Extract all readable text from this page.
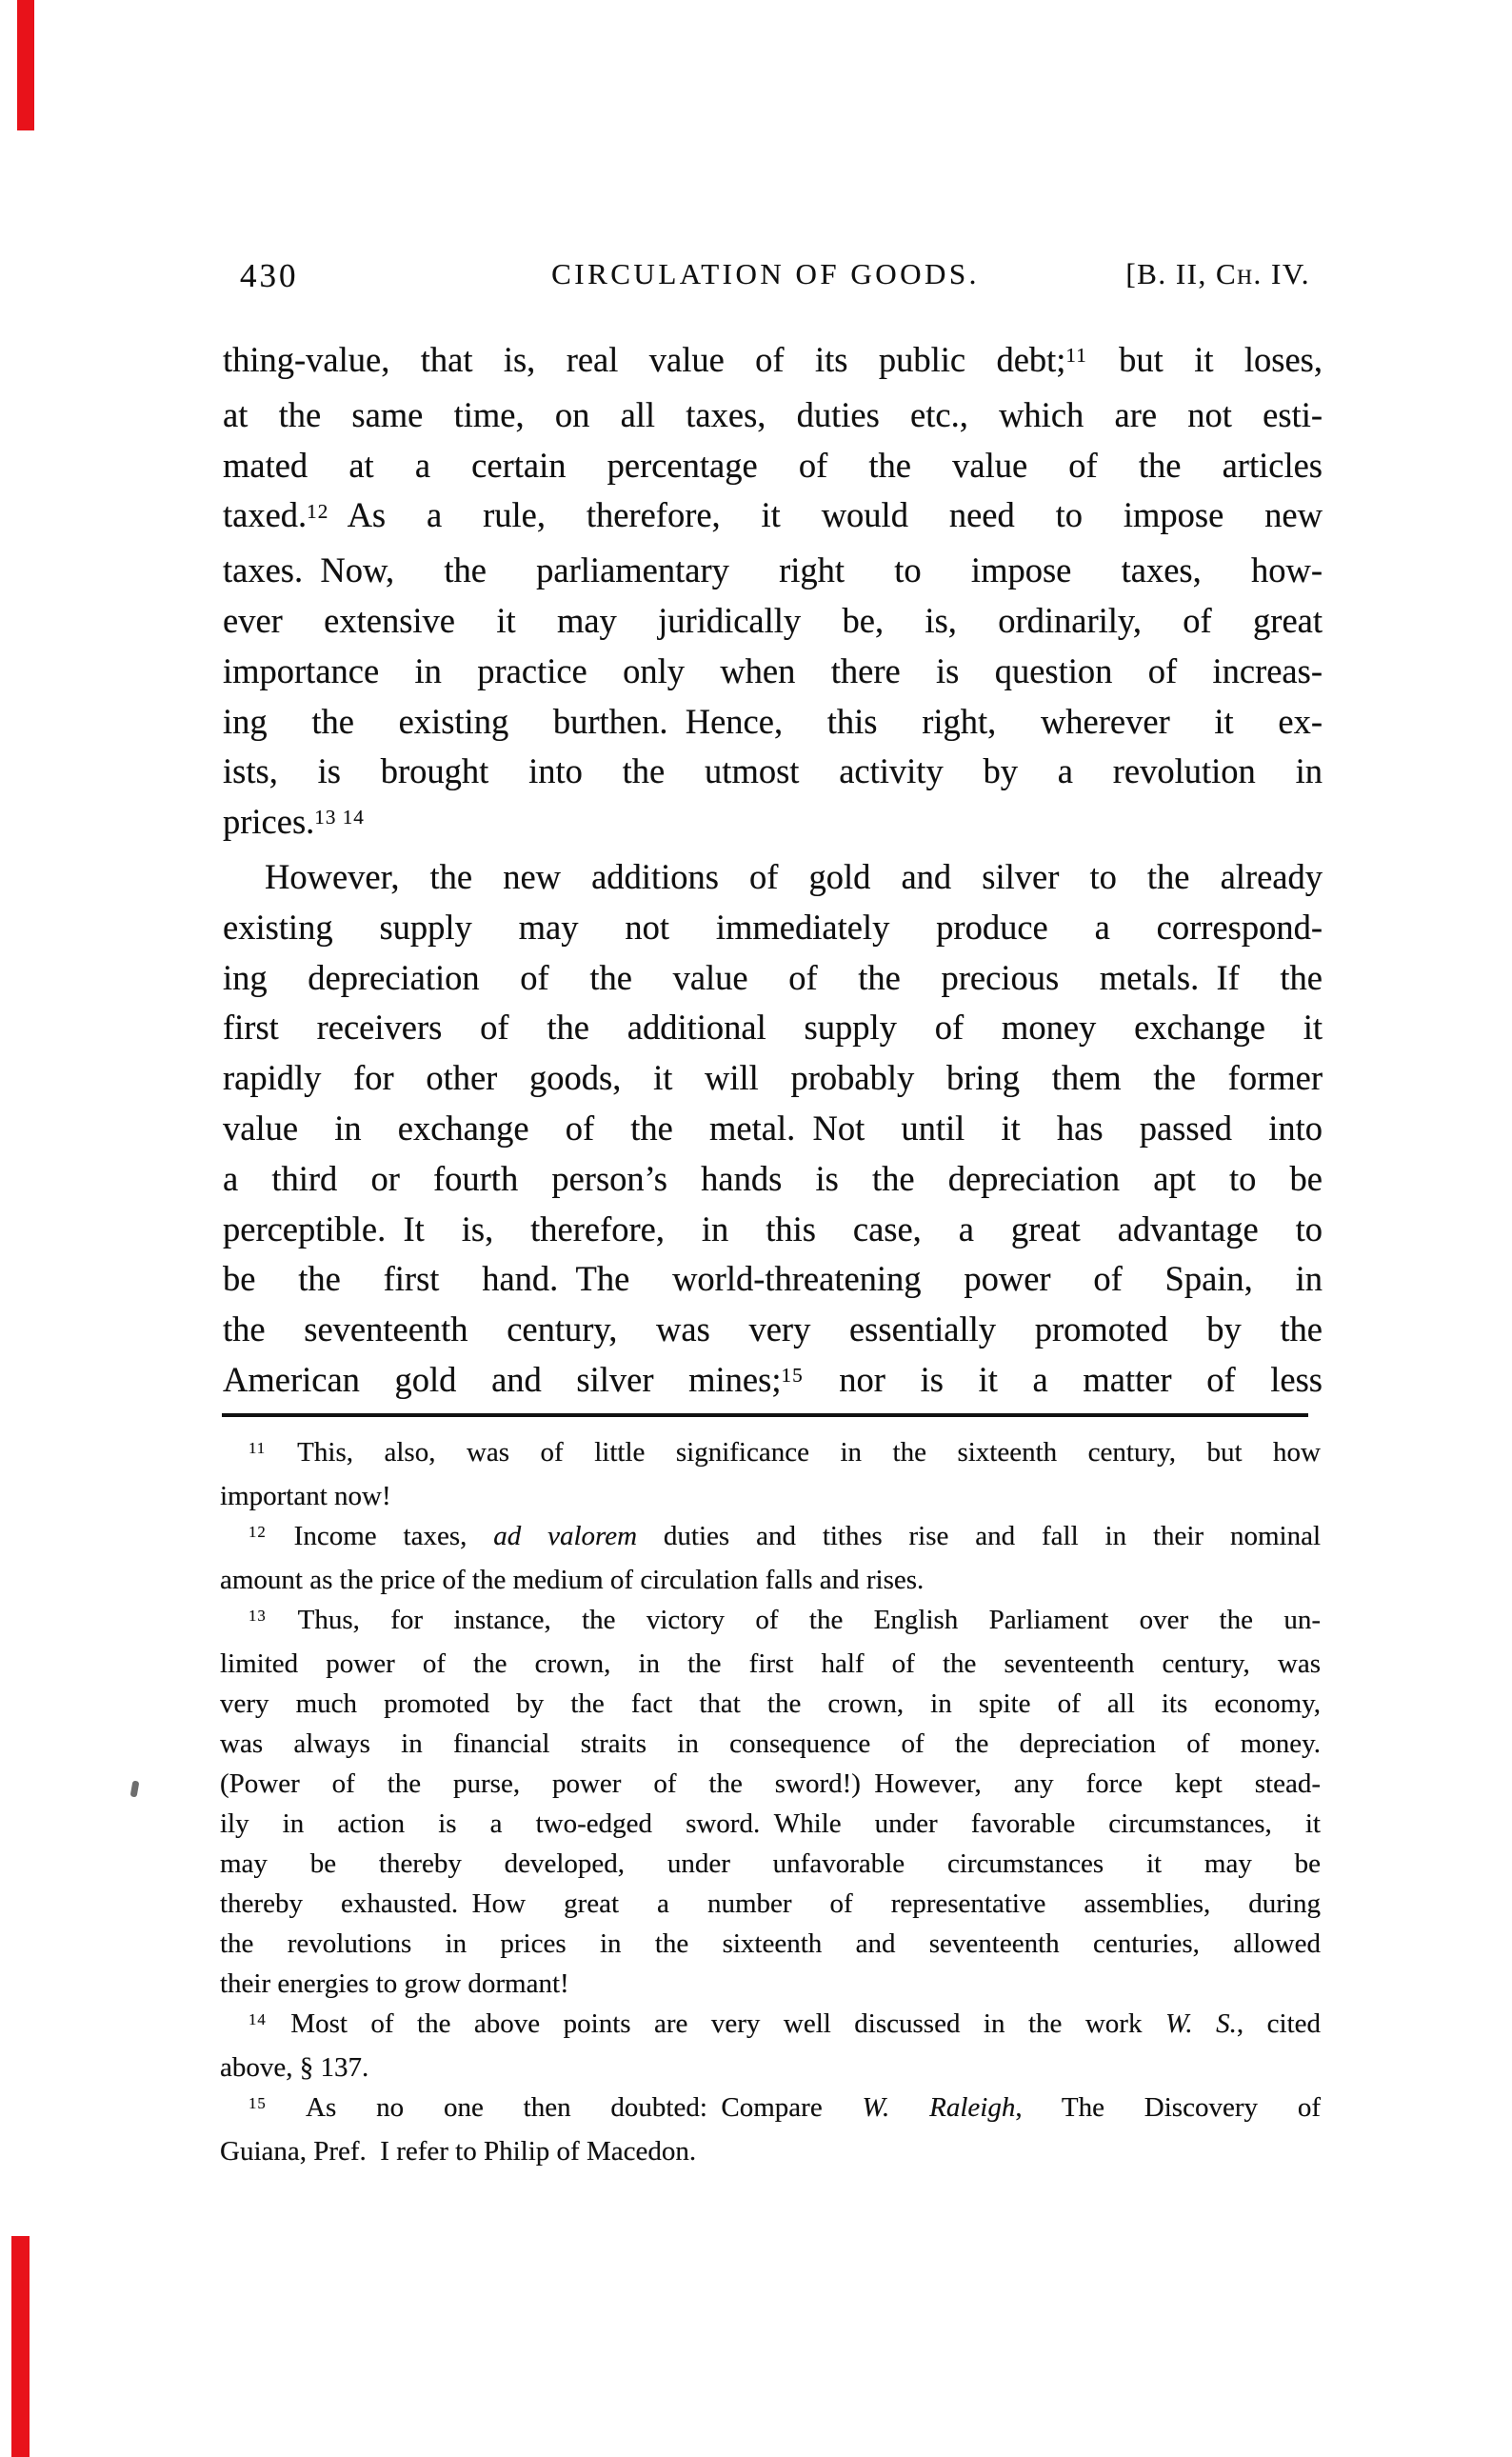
430	CIRCULATION OF GOODS.	[B. II, Ch. IV.
thing-value, that is, real value of its public debt;$^{11}$ but it loses,
at the same time, on all taxes, duties etc., which are not esti-
mated at a certain percentage of the value of the articles
taxed.$^{12}$ As a rule, therefore, it would need to impose new
taxes. Now, the parliamentary right to impose taxes, how-
ever extensive it may juridically be, is, ordinarily, of great
importance in practice only when there is question of increas-
ing the existing burthen. Hence, this right, wherever it ex-
ists, is brought into the utmost activity by a revolution in
prices.$^{13 14}$
However, the new additions of gold and silver to the already
existing supply may not immediately produce a correspond-
ing depreciation of the value of the precious metals. If the
first receivers of the additional supply of money exchange it
rapidly for other goods, it will probably bring them the former
value in exchange of the metal. Not until it has passed into
a third or fourth person’s hands is the depreciation apt to be
perceptible. It is, therefore, in this case, a great advantage to
be the first hand. The world-threatening power of Spain, in
the seventeenth century, was very essentially promoted by the
American gold and silver mines;$^{15}$ nor is it a matter of less
$^{11}$ This, also, was of little significance in the sixteenth century, but how
important now!
$^{12}$ Income taxes, ad valorem duties and tithes rise and fall in their nominal
amount as the price of the medium of circulation falls and rises.
$^{13}$ Thus, for instance, the victory of the English Parliament over the un-
limited power of the crown, in the first half of the seventeenth century, was
very much promoted by the fact that the crown, in spite of all its economy,
was always in financial straits in consequence of the depreciation of money.
(Power of the purse, power of the sword!) However, any force kept stead-
ily in action is a two-edged sword. While under favorable circumstances, it
may be thereby developed, under unfavorable circumstances it may be
thereby exhausted. How great a number of representative assemblies, during
the revolutions in prices in the sixteenth and seventeenth centuries, allowed
their energies to grow dormant!
$^{14}$ Most of the above points are very well discussed in the work W. S., cited
above, § 137.
$^{15}$ As no one then doubted: Compare W. Raleigh, The Discovery of
Guiana, Pref. I refer to Philip of Macedon.
